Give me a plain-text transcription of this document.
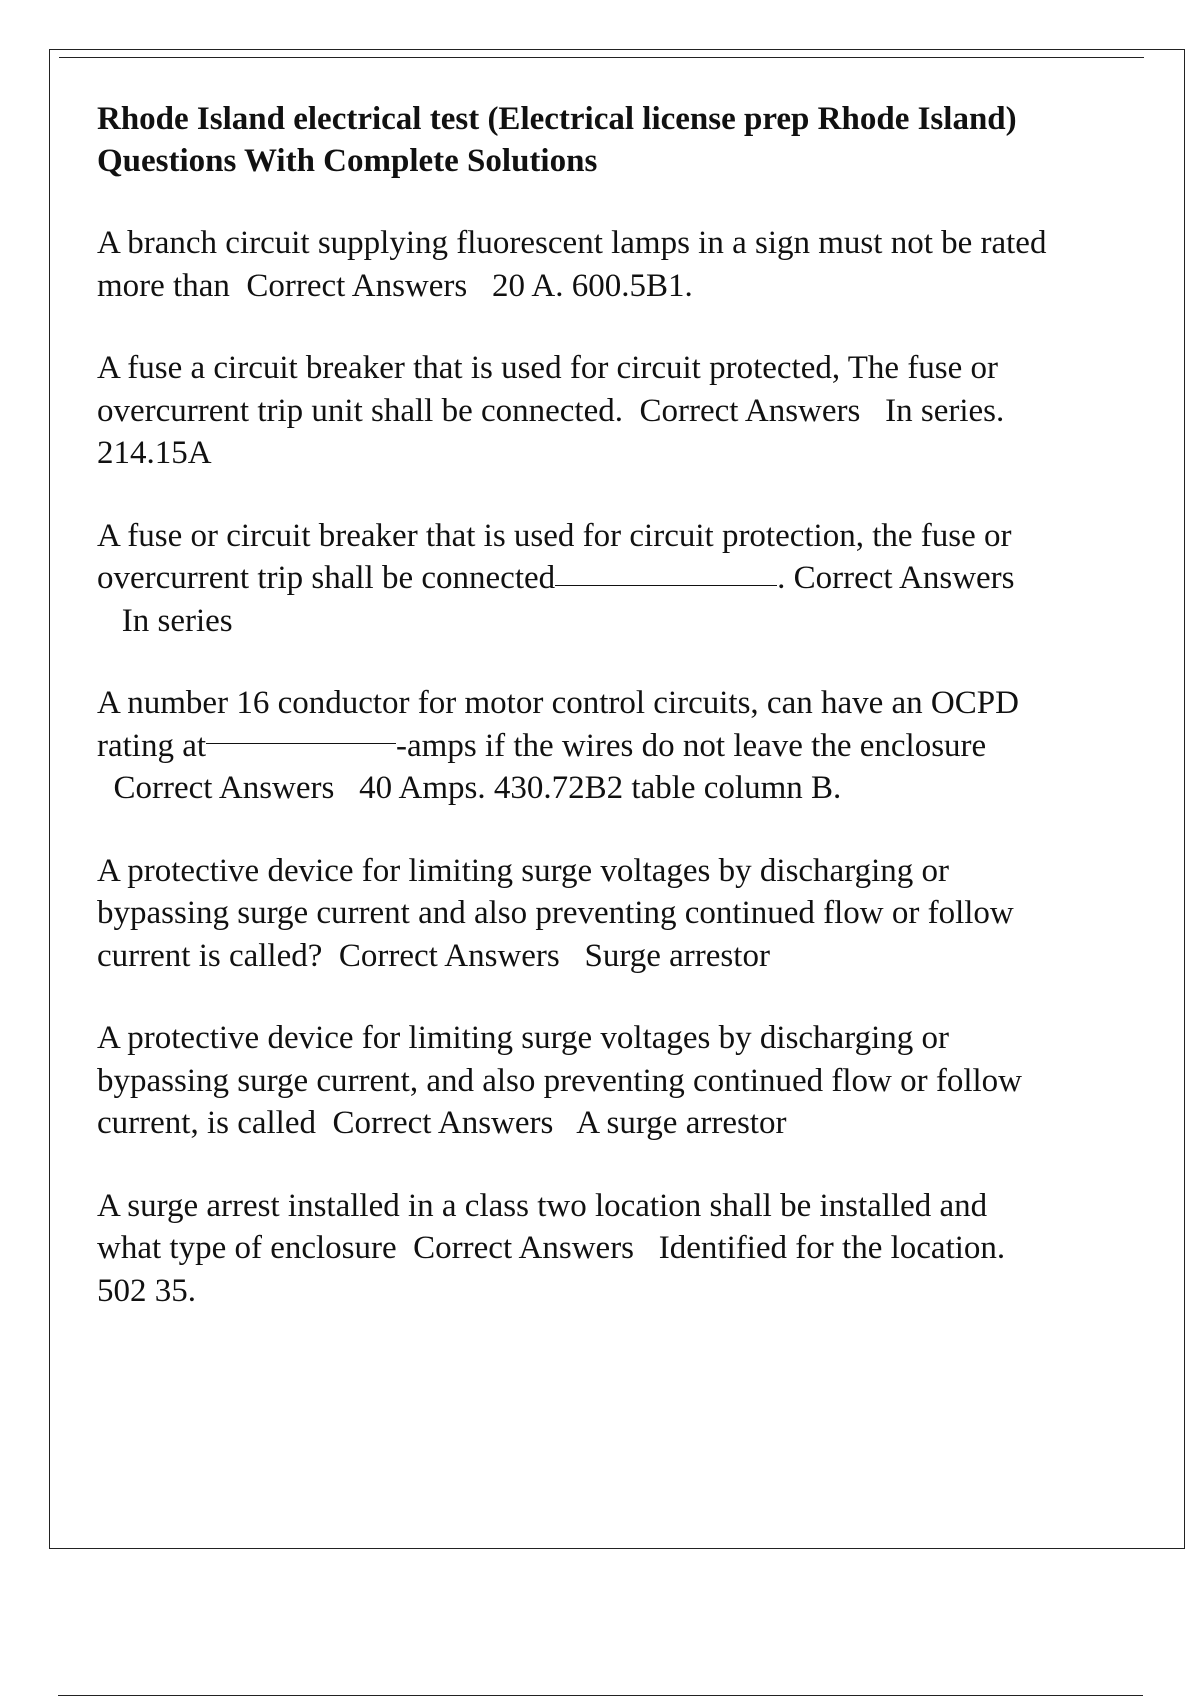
Rhode Island electrical test (Electrical license prep Rhode Island) Questions With Complete Solutions
A branch circuit supplying fluorescent lamps in a sign must not be rated more than Correct Answers 20 A. 600.5B1.
A fuse a circuit breaker that is used for circuit protected, The fuse or overcurrent trip unit shall be connected. Correct Answers In series. 214.15A
A fuse or circuit breaker that is used for circuit protection, the fuse or overcurrent trip shall be connected	. Correct Answers   In series
A number 16 conductor for motor control circuits, can have an OCPD rating at	-amps if the wires do not leave the enclosure  Correct Answers 40 Amps. 430.72B2 table column B.
A protective device for limiting surge voltages by discharging or bypassing surge current and also preventing continued flow or follow current is called? Correct Answers Surge arrestor
A protective device for limiting surge voltages by discharging or bypassing surge current, and also preventing continued flow or follow current, is called Correct Answers A surge arrestor
A surge arrest installed in a class two location shall be installed and what type of enclosure Correct Answers Identified for the location. 502 35.
